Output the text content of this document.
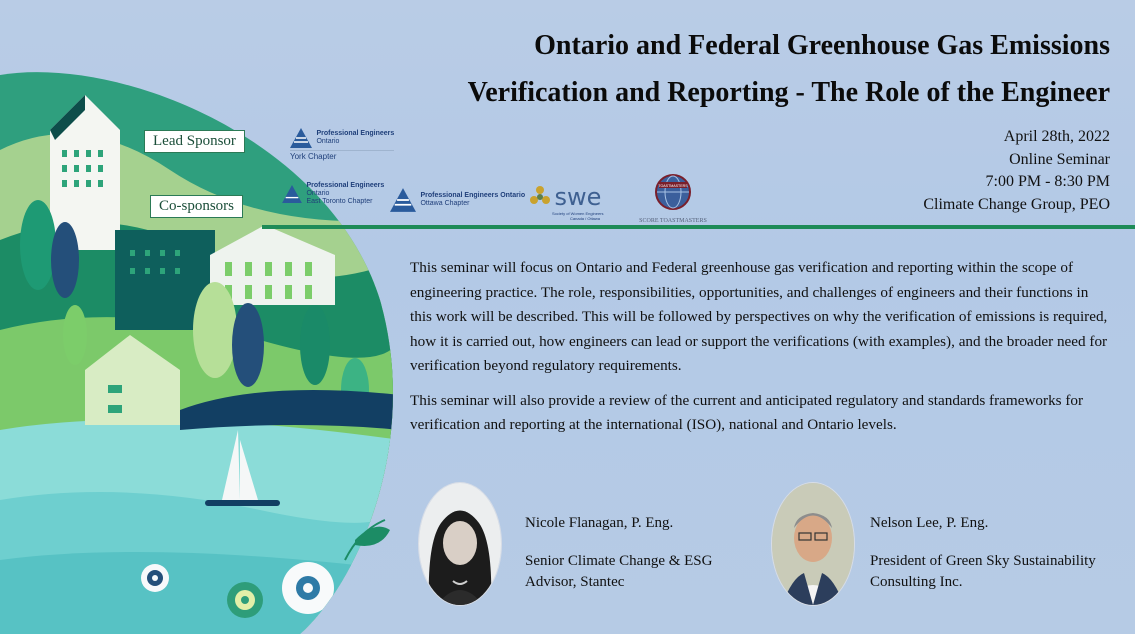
Ontario and Federal Greenhouse Gas Emissions
Verification and Reporting - The Role of the Engineer
April 28th, 2022
Online Seminar
7:00 PM - 8:30 PM
Climate Change Group, PEO
Lead Sponsor
Co-sponsors
Professional Engineers
Ontario
York Chapter
Professional Engineers
Ontario
East Toronto Chapter
Professional Engineers Ontario
Ottawa Chapter	swe
Society of Women Engineers
Canada / Ottawa
TOASTMASTERS
SCORE TOASTMASTERS

This seminar will focus on Ontario and Federal greenhouse gas verification and reporting within the scope of engineering practice. The role, responsibilities, opportunities, and challenges of engineers and their functions in this work will be described. This will be followed by perspectives on why the verification of emissions is required, how it is carried out, how engineers can lead or support the verifications (with examples), and the broader need for verification beyond regulatory requirements.

This seminar will also provide a review of the current and anticipated regulatory and standards frameworks for verification and reporting at the international (ISO), national and Ontario levels.

Nicole Flanagan, P. Eng.
Senior Climate Change & ESG Advisor, Stantec
Nelson Lee, P. Eng.
President of Green Sky Sustainability Consulting Inc.
